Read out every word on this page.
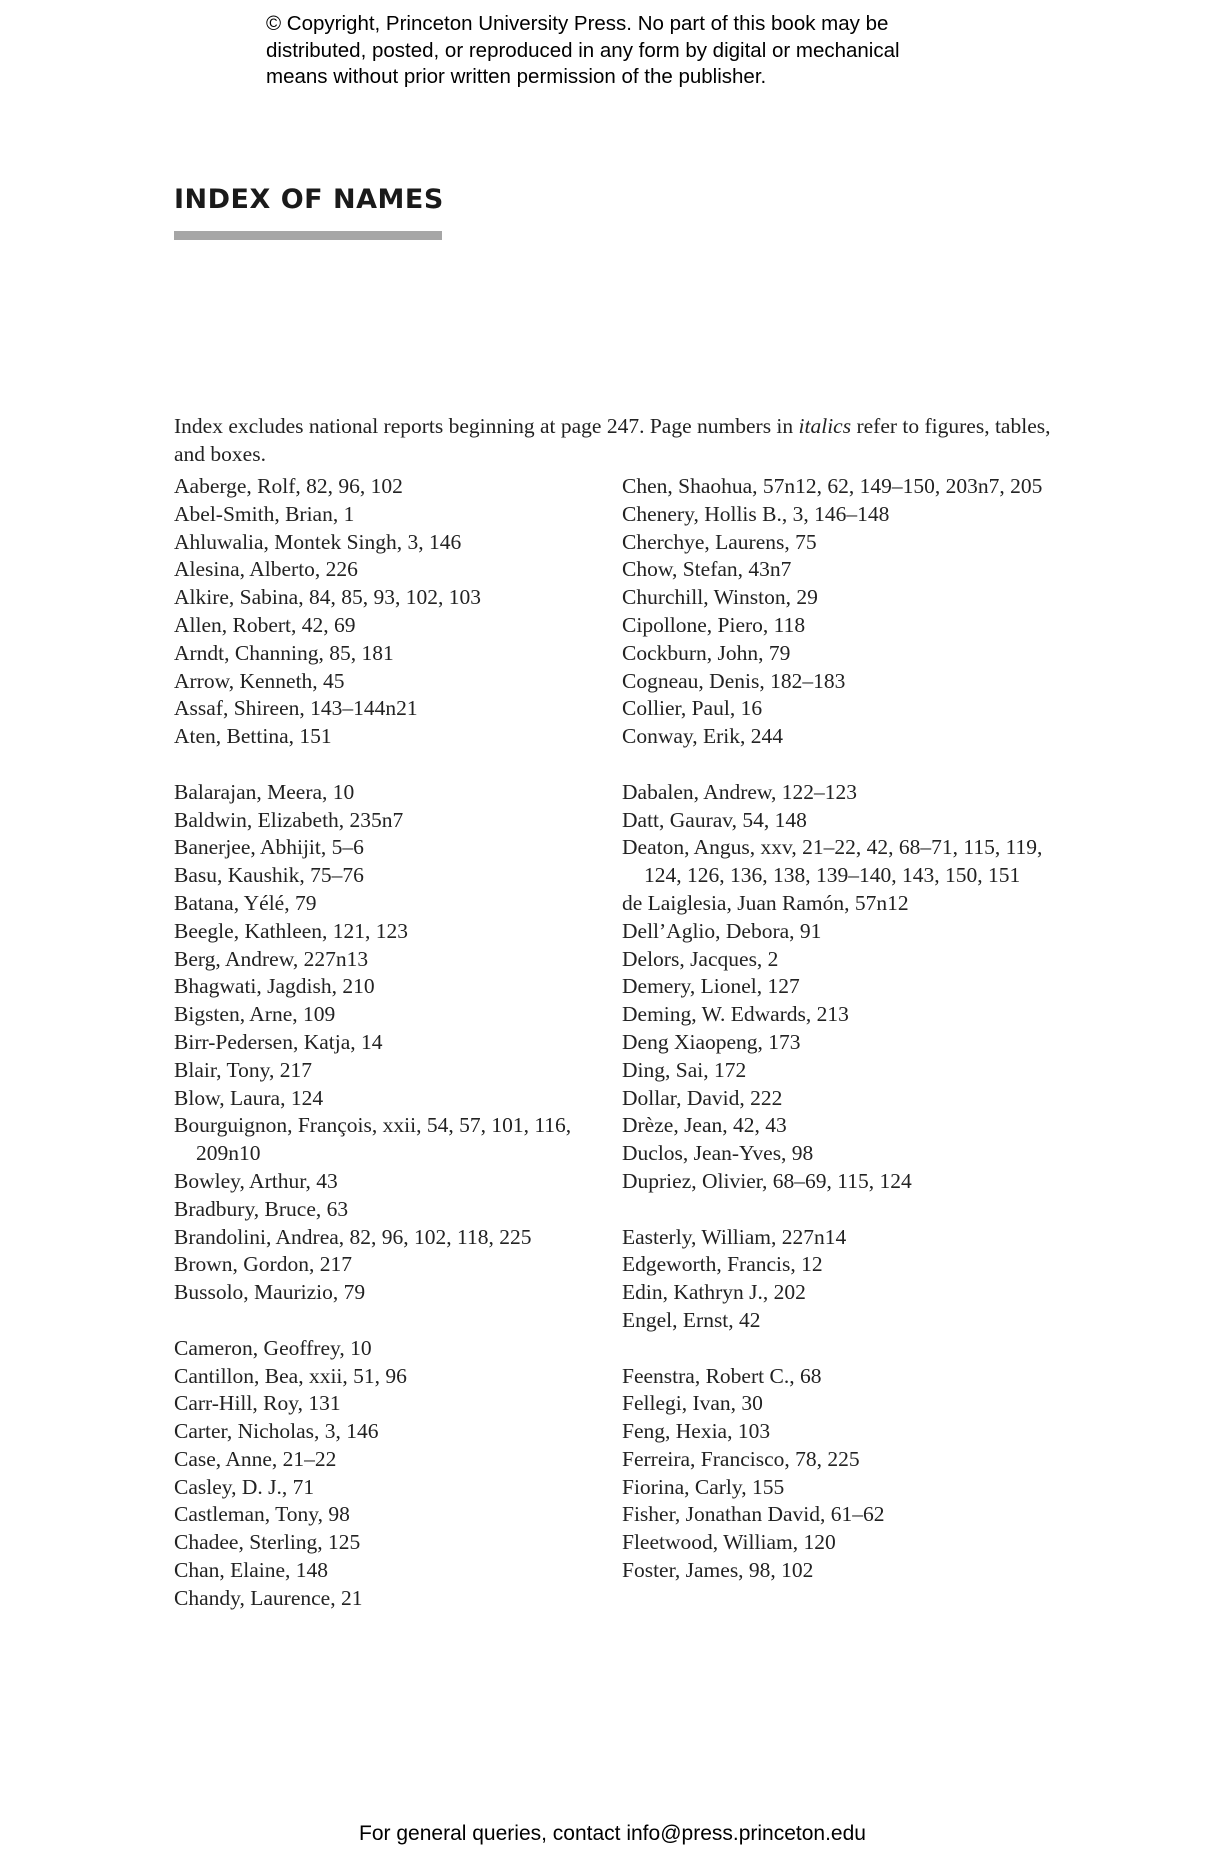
© Copyright, Princeton University Press. No part of this book may be
distributed, posted, or reproduced in any form by digital or mechanical
means without prior written permission of the publisher.
INDEX OF NAMES

Index excludes national reports beginning at page 247. Page numbers in italics refer to figures, tables, and boxes.

Aaberge, Rolf, 82, 96, 102
Abel-Smith, Brian, 1
Ahluwalia, Montek Singh, 3, 146
Alesina, Alberto, 226
Alkire, Sabina, 84, 85, 93, 102, 103
Allen, Robert, 42, 69
Arndt, Channing, 85, 181
Arrow, Kenneth, 45
Assaf, Shireen, 143–144n21
Aten, Bettina, 151
Balarajan, Meera, 10
Baldwin, Elizabeth, 235n7
Banerjee, Abhijit, 5–6
Basu, Kaushik, 75–76
Batana, Yélé, 79
Beegle, Kathleen, 121, 123
Berg, Andrew, 227n13
Bhagwati, Jagdish, 210
Bigsten, Arne, 109
Birr-Pedersen, Katja, 14
Blair, Tony, 217
Blow, Laura, 124
Bourguignon, François, xxii, 54, 57, 101, 116, 209n10
Bowley, Arthur, 43
Bradbury, Bruce, 63
Brandolini, Andrea, 82, 96, 102, 118, 225
Brown, Gordon, 217
Bussolo, Maurizio, 79
Cameron, Geoffrey, 10
Cantillon, Bea, xxii, 51, 96
Carr-Hill, Roy, 131
Carter, Nicholas, 3, 146
Case, Anne, 21–22
Casley, D. J., 71
Castleman, Tony, 98
Chadee, Sterling, 125
Chan, Elaine, 148
Chandy, Laurence, 21
Chen, Shaohua, 57n12, 62, 149–150, 203n7, 205
Chenery, Hollis B., 3, 146–148
Cherchye, Laurens, 75
Chow, Stefan, 43n7
Churchill, Winston, 29
Cipollone, Piero, 118
Cockburn, John, 79
Cogneau, Denis, 182–183
Collier, Paul, 16
Conway, Erik, 244
Dabalen, Andrew, 122–123
Datt, Gaurav, 54, 148
Deaton, Angus, xxv, 21–22, 42, 68–71, 115, 119, 124, 126, 136, 138, 139–140, 143, 150, 151
de Laiglesia, Juan Ramón, 57n12
Dell’Aglio, Debora, 91
Delors, Jacques, 2
Demery, Lionel, 127
Deming, W. Edwards, 213
Deng Xiaopeng, 173
Ding, Sai, 172
Dollar, David, 222
Drèze, Jean, 42, 43
Duclos, Jean-Yves, 98
Dupriez, Olivier, 68–69, 115, 124
Easterly, William, 227n14
Edgeworth, Francis, 12
Edin, Kathryn J., 202
Engel, Ernst, 42
Feenstra, Robert C., 68
Fellegi, Ivan, 30
Feng, Hexia, 103
Ferreira, Francisco, 78, 225
Fiorina, Carly, 155
Fisher, Jonathan David, 61–62
Fleetwood, William, 120
Foster, James, 98, 102
For general queries, contact info@press.princeton.edu
